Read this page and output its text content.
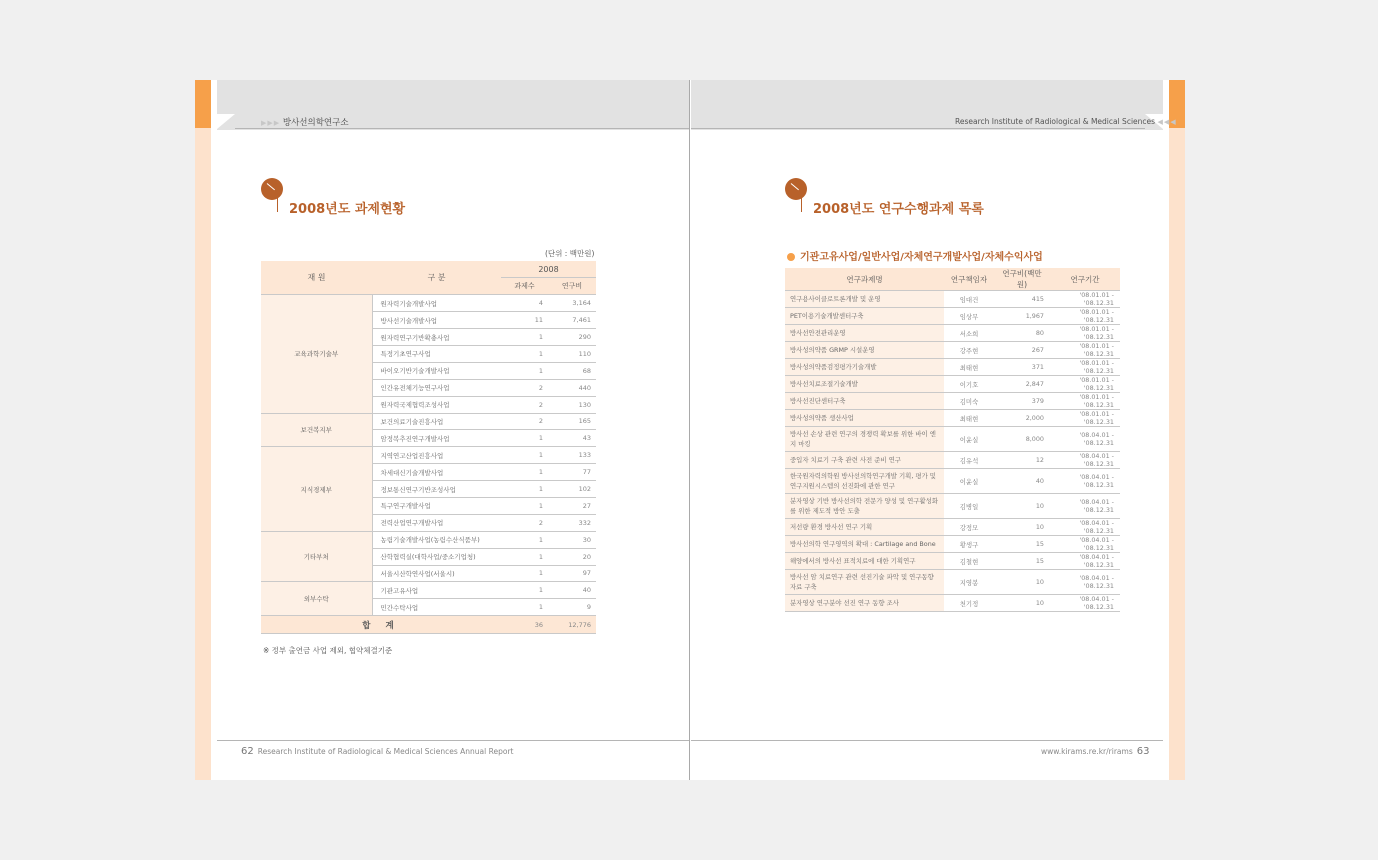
▶▶▶ 방사선의학연구소	Research Institute of Radiological & Medical Sciences ◀◀◀
2008년도 과제현황
(단위 : 백만원)
재 원	구 분	2008	
		과제수	연구비
교육과학기술부	원자력기술개발사업	4	3,164
	방사선기술개발사업	11	7,461
	원자력연구기반확충사업	1	290
	특정기초연구사업	1	110
	바이오기반기술개발사업	1	68
	인간유전체기능연구사업	2	440
	원자력국제협력조성사업	2	130
보건복지부	보건의료기술진흥사업	2	165
	암정복추진연구개발사업	1	43
지식경제부	지역연고산업진흥사업	1	133
	차세대신기술개발사업	1	77
	정보통신연구기반조성사업	1	102
	특구연구개발사업	1	27
	전력산업연구개발사업	2	332
기타부처	농림기술개발사업(농림수산식품부)	1	30
	산학협력실(대학사업/중소기업청)	1	20
	서울시산학연사업(서울시)	1	97
외부수탁	기관고유사업	1	40
	민간수탁사업	1	9
합 계		36	12,776
※ 정부 출연금 사업 제외, 협약체결기준
2008년도 연구수행과제 목록
기관고유사업/일반사업/자체연구개발사업/자체수익사업
연구과제명	연구책임자	연구비(백만원)	연구기간
연구용사이클로트론개발 및 운영	임대건	415	'08.01.01 - '08.12.31
PET이용기술개발센터구축	임상무	1,967	'08.01.01 - '08.12.31
방사선안전관리운영	서소희	80	'08.01.01 - '08.12.31
방사성의약품 GRMP 시설운영	강주현	267	'08.01.01 - '08.12.31
방사성의약품검정평가기술개발	최태현	371	'08.01.01 - '08.12.31
방사선치료조절기술개발	이기호	2,847	'08.01.01 - '08.12.31
방사선진단센터구축	김미숙	379	'08.01.01 - '08.12.31
방사성의약품 생산사업	최태현	2,000	'08.01.01 - '08.12.31
방사선 손상 관련 연구의 경쟁력 확보를 위한 바이 엔지 마킹	이윤실	8,000	'08.04.01 - '08.12.31
중입자 치료기 구축 관련 사전 준비 연구	김유석	12	'08.04.01 - '08.12.31
한국원자력의학원 방사선의학연구개발 기획, 평가 및 연구지원시스템의 선진화에 관한 연구	이윤실	40	'08.04.01 - '08.12.31
분자영상 기반 방사선의학 전문가 양성 및 연구활성화를 위한 제도적 방안 도출	김병일	10	'08.04.01 - '08.12.31
저선량 환경 방사선 연구 기획	강정모	10	'08.04.01 - '08.12.31
방사선의학 연구영역의 확대 : Cartilage and Bone	황생구	15	'08.04.01 - '08.12.31
해양에서의 방사선 표적치료에 대한 기획연구	김철현	15	'08.04.01 - '08.12.31
방사선 암 치료연구 관련 선진기술 파악 및 연구동향 자료 구축	지영봉	10	'08.04.01 - '08.12.31
분자영상 연구분야 선진 연구 동향 조사	천기정	10	'08.04.01 - '08.12.31
62 Research Institute of Radiological & Medical Sciences Annual Report	www.kirams.re.kr/rirams 63
